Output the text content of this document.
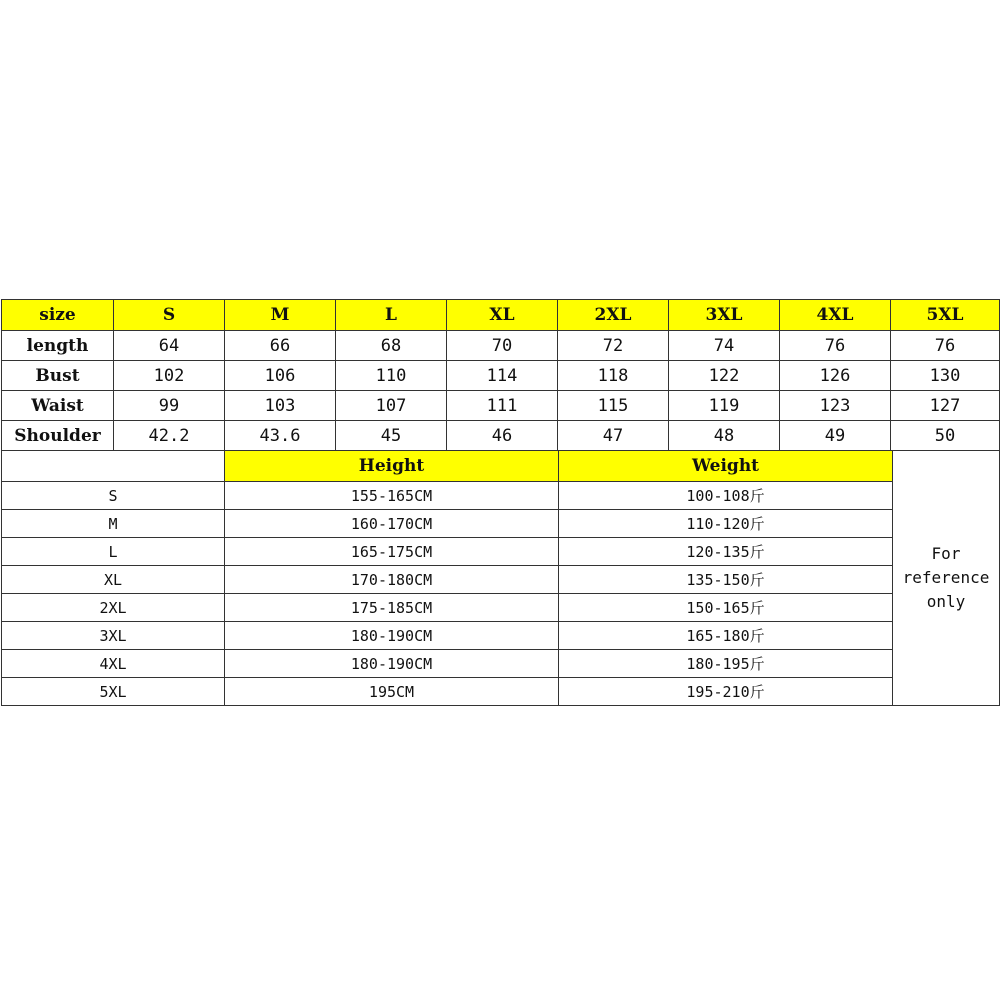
size	S	M	L	XL	2XL	3XL	4XL	5XL
length	64	66	68	70	72	74	76	76
Bust	102	106	110	114	118	122	126	130
Waist	99	103	107	111	115	119	123	127
Shoulder	42.2	43.6	45	46	47	48	49	50
	Height	Weight	For
reference
only

S	155-165CM	100-108斤	
M	160-170CM	110-120斤	
L	165-175CM	120-135斤	
XL	170-180CM	135-150斤	
2XL	175-185CM	150-165斤	
3XL	180-190CM	165-180斤	
4XL	180-190CM	180-195斤	
5XL	195CM	195-210斤	
